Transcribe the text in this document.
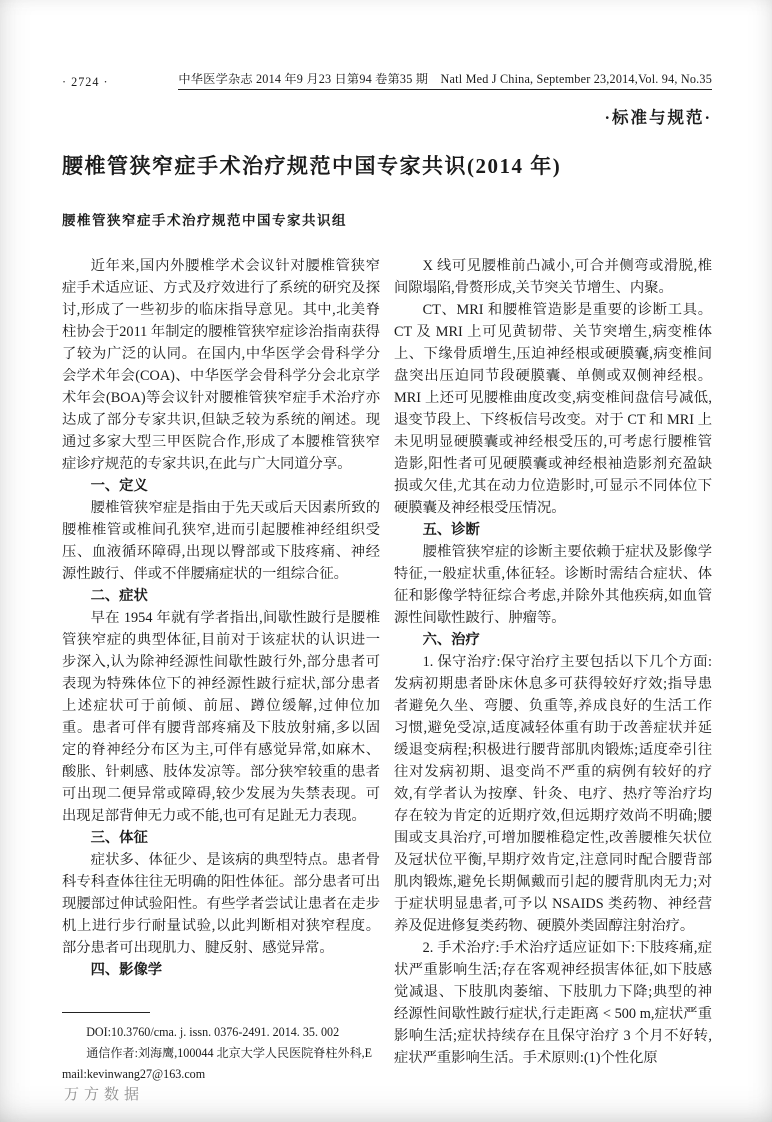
· 2724 ·	中华医学杂志 2014 年9 月23 日第94 卷第35 期　Natl Med J China, September 23,2014,Vol. 94, No.35
·标准与规范·
腰椎管狭窄症手术治疗规范中国专家共识(2014 年)
腰椎管狭窄症手术治疗规范中国专家共识组

近年来,国内外腰椎学术会议针对腰椎管狭窄症手术适应证、方式及疗效进行了系统的研究及探讨,形成了一些初步的临床指导意见。其中,北美脊柱协会于2011 年制定的腰椎管狭窄症诊治指南获得了较为广泛的认同。在国内,中华医学会骨科学分会学术年会(COA)、中华医学会骨科学分会北京学术年会(BOA)等会议针对腰椎管狭窄症手术治疗亦达成了部分专家共识,但缺乏较为系统的阐述。现通过多家大型三甲医院合作,形成了本腰椎管狭窄症诊疗规范的专家共识,在此与广大同道分享。

一、定义

腰椎管狭窄症是指由于先天或后天因素所致的腰椎椎管或椎间孔狭窄,进而引起腰椎神经组织受压、血液循环障碍,出现以臀部或下肢疼痛、神经源性跛行、伴或不伴腰痛症状的一组综合征。

二、症状

早在 1954 年就有学者指出,间歇性跛行是腰椎管狭窄症的典型体征,目前对于该症状的认识进一步深入,认为除神经源性间歇性跛行外,部分患者可表现为特殊体位下的神经源性跛行症状,部分患者上述症状可于前倾、前屈、蹲位缓解,过伸位加重。患者可伴有腰背部疼痛及下肢放射痛,多以固定的脊神经分布区为主,可伴有感觉异常,如麻木、酸胀、针刺感、肢体发凉等。部分狭窄较重的患者可出现二便异常或障碍,较少发展为失禁表现。可出现足部背伸无力或不能,也可有足趾无力表现。

三、体征

症状多、体征少、是该病的典型特点。患者骨科专科查体往往无明确的阳性体征。部分患者可出现腰部过伸试验阳性。有些学者尝试让患者在走步机上进行步行耐量试验,以此判断相对狭窄程度。部分患者可出现肌力、腱反射、感觉异常。

四、影像学

DOI:10.3760/cma. j. issn. 0376-2491. 2014. 35. 002

通信作者:刘海鹰,100044 北京大学人民医院脊柱外科,Email:kevinwang27@163.com

X 线可见腰椎前凸减小,可合并侧弯或滑脱,椎间隙塌陷,骨赘形成,关节突关节增生、内聚。

CT、MRI 和腰椎管造影是重要的诊断工具。CT 及 MRI 上可见黄韧带、关节突增生,病变椎体上、下缘骨质增生,压迫神经根或硬膜囊,病变椎间盘突出压迫同节段硬膜囊、单侧或双侧神经根。MRI 上还可见腰椎曲度改变,病变椎间盘信号减低,退变节段上、下终板信号改变。对于 CT 和 MRI 上未见明显硬膜囊或神经根受压的,可考虑行腰椎管造影,阳性者可见硬膜囊或神经根袖造影剂充盈缺损或欠佳,尤其在动力位造影时,可显示不同体位下硬膜囊及神经根受压情况。

五、诊断

腰椎管狭窄症的诊断主要依赖于症状及影像学特征,一般症状重,体征轻。诊断时需结合症状、体征和影像学特征综合考虑,并除外其他疾病,如血管源性间歇性跛行、肿瘤等。

六、治疗

1. 保守治疗:保守治疗主要包括以下几个方面:发病初期患者卧床休息多可获得较好疗效;指导患者避免久坐、弯腰、负重等,养成良好的生活工作习惯,避免受凉,适度减轻体重有助于改善症状并延缓退变病程;积极进行腰背部肌肉锻炼;适度牵引往往对发病初期、退变尚不严重的病例有较好的疗效,有学者认为按摩、针灸、电疗、热疗等治疗均存在较为肯定的近期疗效,但远期疗效尚不明确;腰围或支具治疗,可增加腰椎稳定性,改善腰椎矢状位及冠状位平衡,早期疗效肯定,注意同时配合腰背部肌肉锻炼,避免长期佩戴而引起的腰背肌肉无力;对于症状明显患者,可予以 NSAIDS 类药物、神经营养及促进修复类药物、硬膜外类固醇注射治疗。

2. 手术治疗:手术治疗适应证如下:下肢疼痛,症状严重影响生活;存在客观神经损害体征,如下肢感觉减退、下肢肌肉萎缩、下肢肌力下降;典型的神经源性间歇性跛行症状,行走距离 < 500 m,症状严重影响生活;症状持续存在且保守治疗 3 个月不好转,症状严重影响生活。手术原则:(1)个性化原

万方数据
